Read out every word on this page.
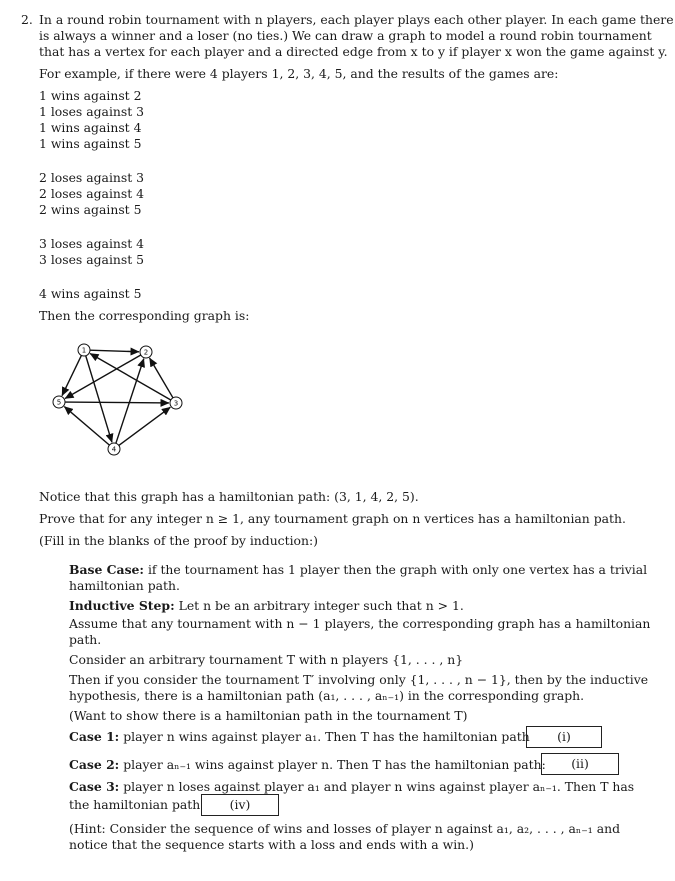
2. In a round robin tournament with n players, each player plays each other player. In each game there
is always a winner and a loser (no ties.) We can draw a graph to model a round robin tournament
that has a vertex for each player and a directed edge from x to y if player x won the game against y.
For example, if there were 4 players 1, 2, 3, 4, 5, and the results of the games are:
1 wins against 2
1 loses against 3
1 wins against 4
1 wins against 5
2 loses against 3
2 loses against 4
2 wins against 5
3 loses against 4
3 loses against 5
4 wins against 5
Then the corresponding graph is:
1	2
3
4
5
Notice that this graph has a hamiltonian path: (3, 1, 4, 2, 5).
Prove that for any integer n ≥ 1, any tournament graph on n vertices has a hamiltonian path.
(Fill in the blanks of the proof by induction:)
Base Case: if the tournament has 1 player then the graph with only one vertex has a trivial
hamiltonian path.
Inductive Step: Let n be an arbitrary integer such that n > 1.
Assume that any tournament with n − 1 players, the corresponding graph has a hamiltonian
path.
Consider an arbitrary tournament T with n players {1, . . . , n}
Then if you consider the tournament T′ involving only {1, . . . , n − 1}, then by the inductive
hypothesis, there is a hamiltonian path (a₁, . . . , aₙ₋₁) in the corresponding graph.
(Want to show there is a hamiltonian path in the tournament T)
Case 1: player n wins against player a₁. Then T has the hamiltonian path	(i)
Case 2: player aₙ₋₁ wins against player n. Then T has the hamiltonian path:	(ii)
Case 3: player n loses against player a₁ and player n wins against player aₙ₋₁. Then T has
the hamiltonian path	(iv)
(Hint: Consider the sequence of wins and losses of player n against a₁, a₂, . . . , aₙ₋₁ and
notice that the sequence starts with a loss and ends with a win.)
